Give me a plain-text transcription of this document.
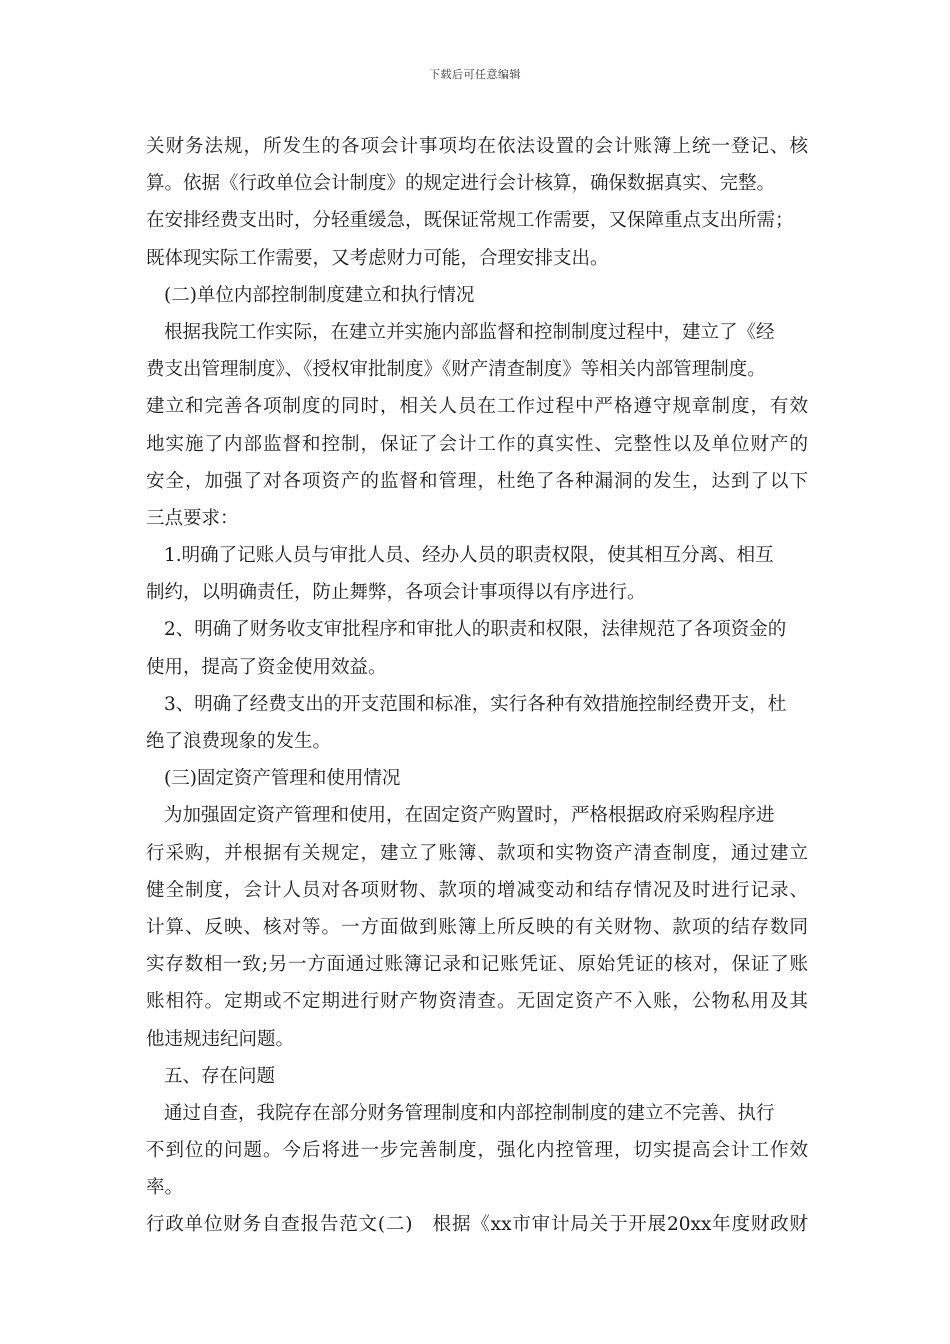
下载后可任意编辑
关财务法规，所发生的各项会计事项均在依法设置的会计账簿上统一登记、核
算。依据《行政单位会计制度》的规定进行会计核算，确保数据真实、完整。
在安排经费支出时，分轻重缓急，既保证常规工作需要，又保障重点支出所需；
既体现实际工作需要，又考虑财力可能，合理安排支出。
(二)单位内部控制制度建立和执行情况
根据我院工作实际，在建立并实施内部监督和控制制度过程中，建立了《经
费支出管理制度》、《授权审批制度》《财产清查制度》等相关内部管理制度。
建立和完善各项制度的同时，相关人员在工作过程中严格遵守规章制度，有效
地实施了内部监督和控制，保证了会计工作的真实性、完整性以及单位财产的
安全，加强了对各项资产的监督和管理，杜绝了各种漏洞的发生，达到了以下
三点要求：
1.明确了记账人员与审批人员、经办人员的职责权限，使其相互分离、相互
制约，以明确责任，防止舞弊，各项会计事项得以有序进行。
2、明确了财务收支审批程序和审批人的职责和权限，法律规范了各项资金的
使用，提高了资金使用效益。
3、明确了经费支出的开支范围和标准，实行各种有效措施控制经费开支，杜
绝了浪费现象的发生。
(三)固定资产管理和使用情况
为加强固定资产管理和使用，在固定资产购置时，严格根据政府采购程序进
行采购，并根据有关规定，建立了账簿、款项和实物资产清查制度，通过建立
健全制度，会计人员对各项财物、款项的增减变动和结存情况及时进行记录、
计算、反映、核对等。一方面做到账簿上所反映的有关财物、款项的结存数同
实存数相一致;另一方面通过账簿记录和记账凭证、原始凭证的核对，保证了账
账相符。定期或不定期进行财产物资清查。无固定资产不入账，公物私用及其
他违规违纪问题。
五、存在问题
通过自查，我院存在部分财务管理制度和内部控制制度的建立不完善、执行
不到位的问题。今后将进一步完善制度，强化内控管理，切实提高会计工作效
率。
行政单位财务自查报告范文(二)　根据《xx市审计局关于开展20xx年度财政财
